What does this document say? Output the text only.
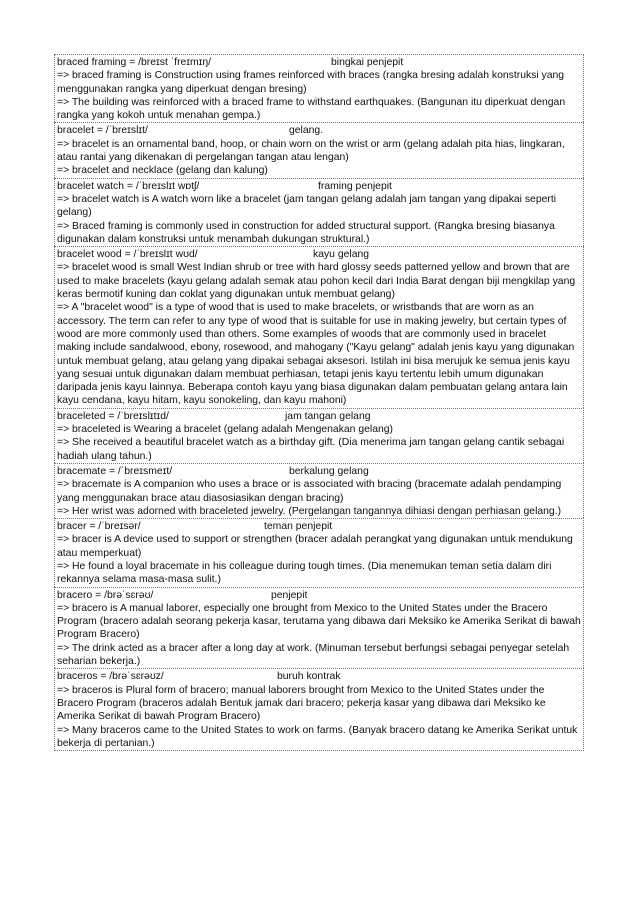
braced framing = /breɪst ˈfreɪmɪŋ/	bingkai penjepit

=> braced framing is Construction using frames reinforced with braces (rangka bresing adalah konstruksi yang menggunakan rangka yang diperkuat dengan bresing)

=> The building was reinforced with a braced frame to withstand earthquakes. (Bangunan itu diperkuat dengan rangka yang kokoh untuk menahan gempa.)

bracelet = /ˈbreɪslɪt/	gelang.

=> bracelet is an ornamental band, hoop, or chain worn on the wrist or arm (gelang adalah pita hias, lingkaran, atau rantai yang dikenakan di pergelangan tangan atau lengan)

=> bracelet and necklace (gelang dan kalung)

bracelet watch = /ˈbreɪslɪt wɒtʃ/	framing penjepit

=> bracelet watch is A watch worn like a bracelet (jam tangan gelang adalah jam tangan yang dipakai seperti gelang)

=> Braced framing is commonly used in construction for added structural support. (Rangka bresing biasanya digunakan dalam konstruksi untuk menambah dukungan struktural.)

bracelet wood = /ˈbreɪslɪt wʊd/	kayu gelang

=> bracelet wood is small West Indian shrub or tree with hard glossy seeds patterned yellow and brown that are used to make bracelets (kayu gelang adalah semak atau pohon kecil dari India Barat dengan biji mengkilap yang keras bermotif kuning dan coklat yang digunakan untuk membuat gelang)

=> A "bracelet wood" is a type of wood that is used to make bracelets, or wristbands that are worn as an accessory. The term can refer to any type of wood that is suitable for use in making jewelry, but certain types of wood are more commonly used than others. Some examples of woods that are commonly used in bracelet making include sandalwood, ebony, rosewood, and mahogany ("Kayu gelang" adalah jenis kayu yang digunakan untuk membuat gelang, atau gelang yang dipakai sebagai aksesori. Istilah ini bisa merujuk ke semua jenis kayu yang sesuai untuk digunakan dalam membuat perhiasan, tetapi jenis kayu tertentu lebih umum digunakan daripada jenis kayu lainnya. Beberapa contoh kayu yang biasa digunakan dalam pembuatan gelang antara lain kayu cendana, kayu hitam, kayu sonokeling, dan kayu mahoni)

braceleted = /ˈbreɪslɪtɪd/	jam tangan gelang

=> braceleted is Wearing a bracelet (gelang adalah Mengenakan gelang)

=> She received a beautiful bracelet watch as a birthday gift. (Dia menerima jam tangan gelang cantik sebagai hadiah ulang tahun.)

bracemate = /ˈbreɪsmeɪt/	berkalung gelang

=> bracemate is A companion who uses a brace or is associated with bracing (bracemate adalah pendamping yang menggunakan brace atau diasosiasikan dengan bracing)

=> Her wrist was adorned with braceleted jewelry. (Pergelangan tangannya dihiasi dengan perhiasan gelang.)

bracer = /ˈbreɪsər/	teman penjepit

=> bracer is A device used to support or strengthen (bracer adalah perangkat yang digunakan untuk mendukung atau memperkuat)

=> He found a loyal bracemate in his colleague during tough times. (Dia menemukan teman setia dalam diri rekannya selama masa-masa sulit.)

bracero = /brəˈsɛrəʊ/	penjepit

=> bracero is A manual laborer, especially one brought from Mexico to the United States under the Bracero Program (bracero adalah seorang pekerja kasar, terutama yang dibawa dari Meksiko ke Amerika Serikat di bawah Program Bracero)

=> The drink acted as a bracer after a long day at work. (Minuman tersebut berfungsi sebagai penyegar setelah seharian bekerja.)

braceros = /brəˈsɛrəʊz/	buruh kontrak

=> braceros is Plural form of bracero; manual laborers brought from Mexico to the United States under the Bracero Program (braceros adalah Bentuk jamak dari bracero; pekerja kasar yang dibawa dari Meksiko ke Amerika Serikat di bawah Program Bracero)

=> Many braceros came to the United States to work on farms. (Banyak bracero datang ke Amerika Serikat untuk bekerja di pertanian.)
